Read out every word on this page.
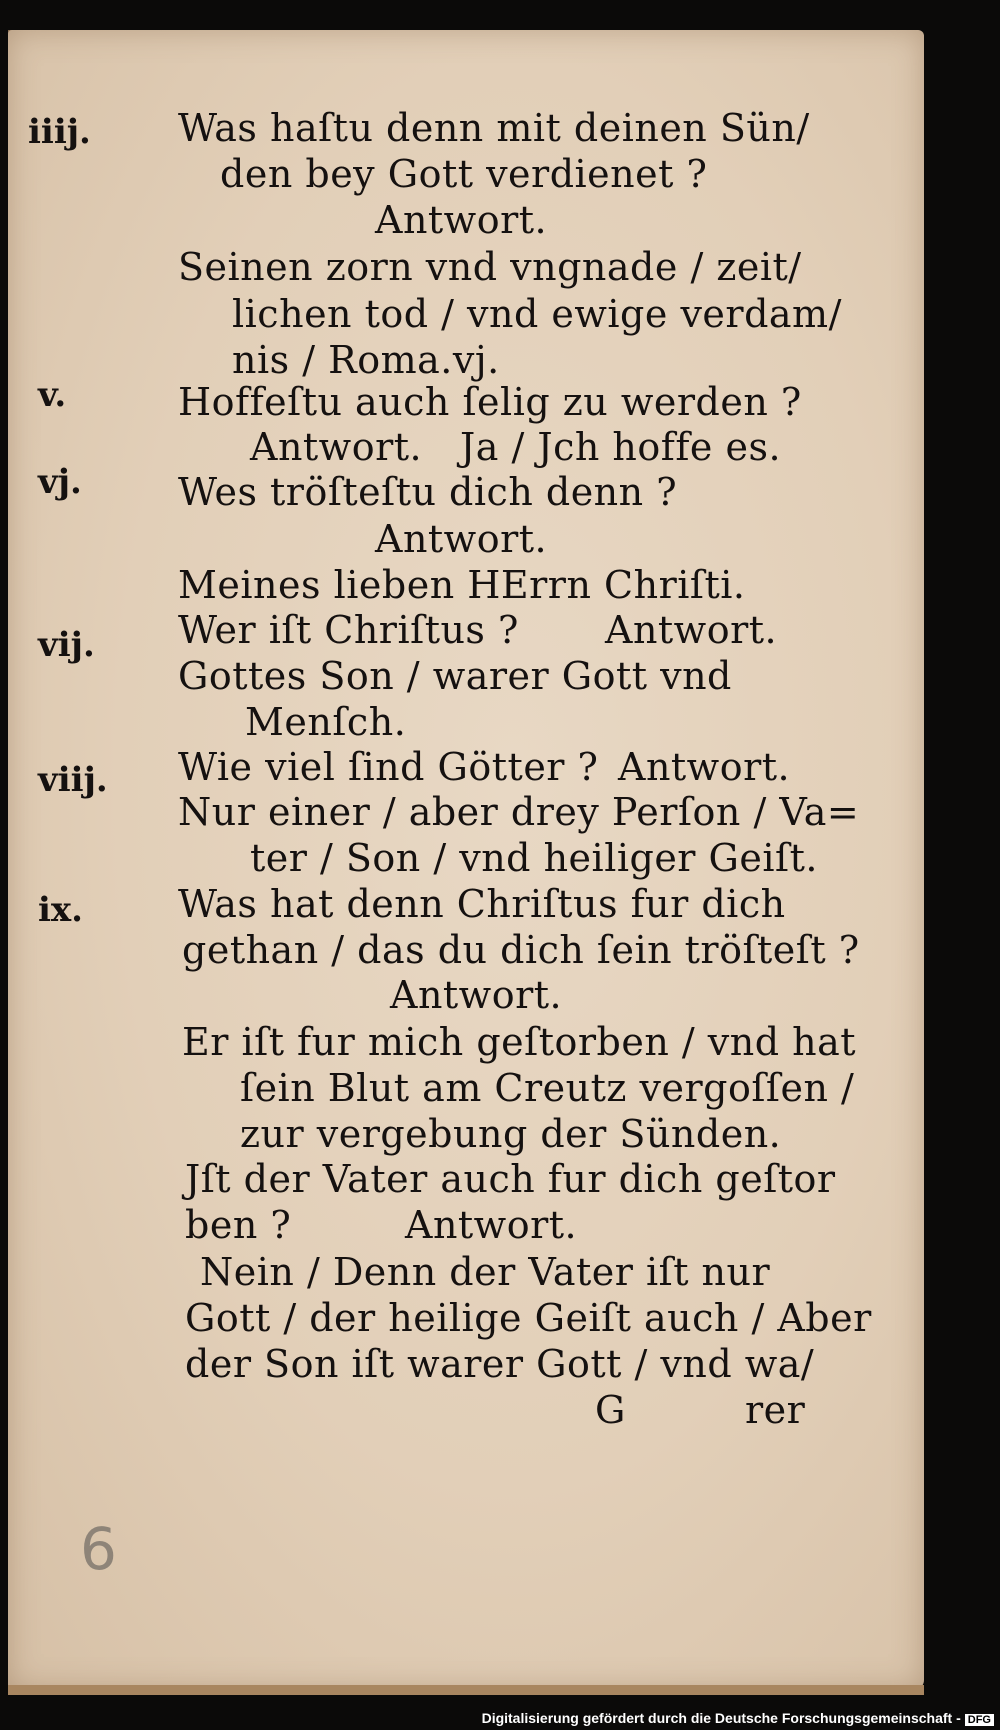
iiij.

v.

vj.

vij.

viij.

ix.

Was haſtu denn mit deinen Sün/

den bey Gott verdienet ?

Antwort.

Seinen zorn vnd vngnade / zeit/

lichen tod / vnd ewige verdam/

nis / Roma.vj.

Hoffeſtu auch ſelig zu werden ?

Antwort. Ja / Jch hoffe es.

Wes tröſteſtu dich denn ?

Antwort.

Meines lieben HErrn Chriſti.

Wer iſt Chriſtus ? Antwort.

Gottes Son / warer Gott vnd

Menſch.

Wie viel ſind Götter ? Antwort.

Nur einer / aber drey Perſon / Va=

ter / Son / vnd heiliger Geiſt.

Was hat denn Chriſtus fur dich

gethan / das du dich ſein tröſteſt ?

Antwort.

Er iſt fur mich geſtorben / vnd hat

ſein Blut am Creutz vergoſſen /

zur vergebung der Sünden.

Jſt der Vater auch fur dich geſtor

ben ?	Antwort.

Nein / Denn der Vater iſt nur

Gott / der heilige Geiſt auch / Aber

der Son iſt warer Gott / vnd wa/

G	rer

6
Digitalisierung gefördert durch die Deutsche Forschungsgemeinschaft - DFG
